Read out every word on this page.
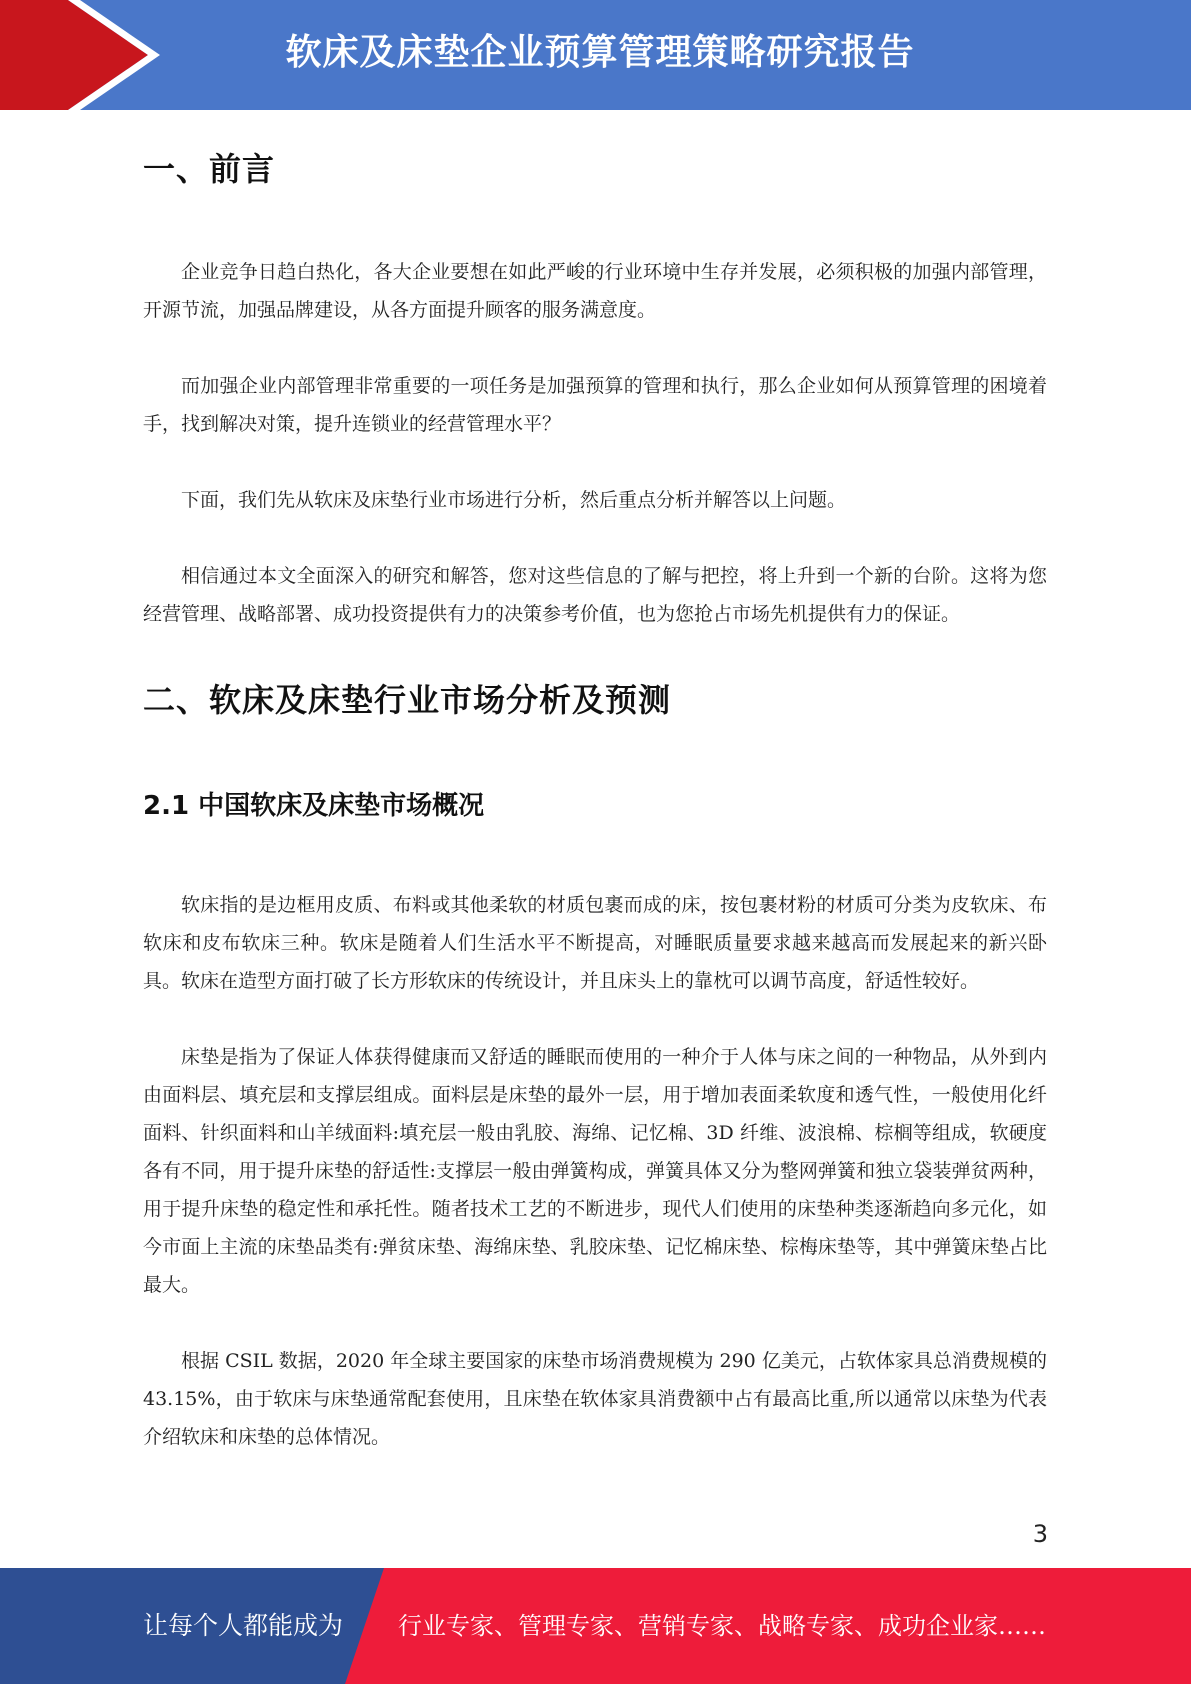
软床及床垫企业预算管理策略研究报告
一、前言

企业竞争日趋白热化，各大企业要想在如此严峻的行业环境中生存并发展，必须积极的加强内部管理，开源节流，加强品牌建设，从各方面提升顾客的服务满意度。

而加强企业内部管理非常重要的一项任务是加强预算的管理和执行，那么企业如何从预算管理的困境着手，找到解决对策，提升连锁业的经营管理水平？

下面，我们先从软床及床垫行业市场进行分析，然后重点分析并解答以上问题。

相信通过本文全面深入的研究和解答，您对这些信息的了解与把控，将上升到一个新的台阶。这将为您经营管理、战略部署、成功投资提供有力的决策参考价值，也为您抢占市场先机提供有力的保证。

二、软床及床垫行业市场分析及预测
2.1 中国软床及床垫市场概况

软床指的是边框用皮质、布料或其他柔软的材质包裹而成的床，按包裹材粉的材质可分类为皮软床、布软床和皮布软床三种。软床是随着人们生活水平不断提高，对睡眠质量要求越来越高而发展起来的新兴卧具。软床在造型方面打破了长方形软床的传统设计，并且床头上的靠枕可以调节高度，舒适性较好。

床垫是指为了保证人体获得健康而又舒适的睡眠而使用的一种介于人体与床之间的一种物品，从外到内由面料层、填充层和支撑层组成。面料层是床垫的最外一层，用于增加表面柔软度和透气性，一般使用化纤面料、针织面料和山羊绒面料:填充层一般由乳胶、海绵、记忆棉、3D 纤维、波浪棉、棕榈等组成，软硬度各有不同，用于提升床垫的舒适性:支撑层一般由弹簧构成，弹簧具体又分为整网弹簧和独立袋装弹贫两种，用于提升床垫的稳定性和承托性。随者技术工艺的不断进步，现代人们使用的床垫种类逐渐趋向多元化，如今市面上主流的床垫品类有:弹贫床垫、海绵床垫、乳胶床垫、记忆棉床垫、棕梅床垫等，其中弹簧床垫占比最大。

根据 CSIL 数据，2020 年全球主要国家的床垫市场消费规模为 290 亿美元，占软体家具总消费规模的 43.15%，由于软床与床垫通常配套使用，且床垫在软体家具消费额中占有最高比重,所以通常以床垫为代表介绍软床和床垫的总体情况。

3
让每个人都能成为 行业专家、管理专家、营销专家、战略专家、成功企业家……
